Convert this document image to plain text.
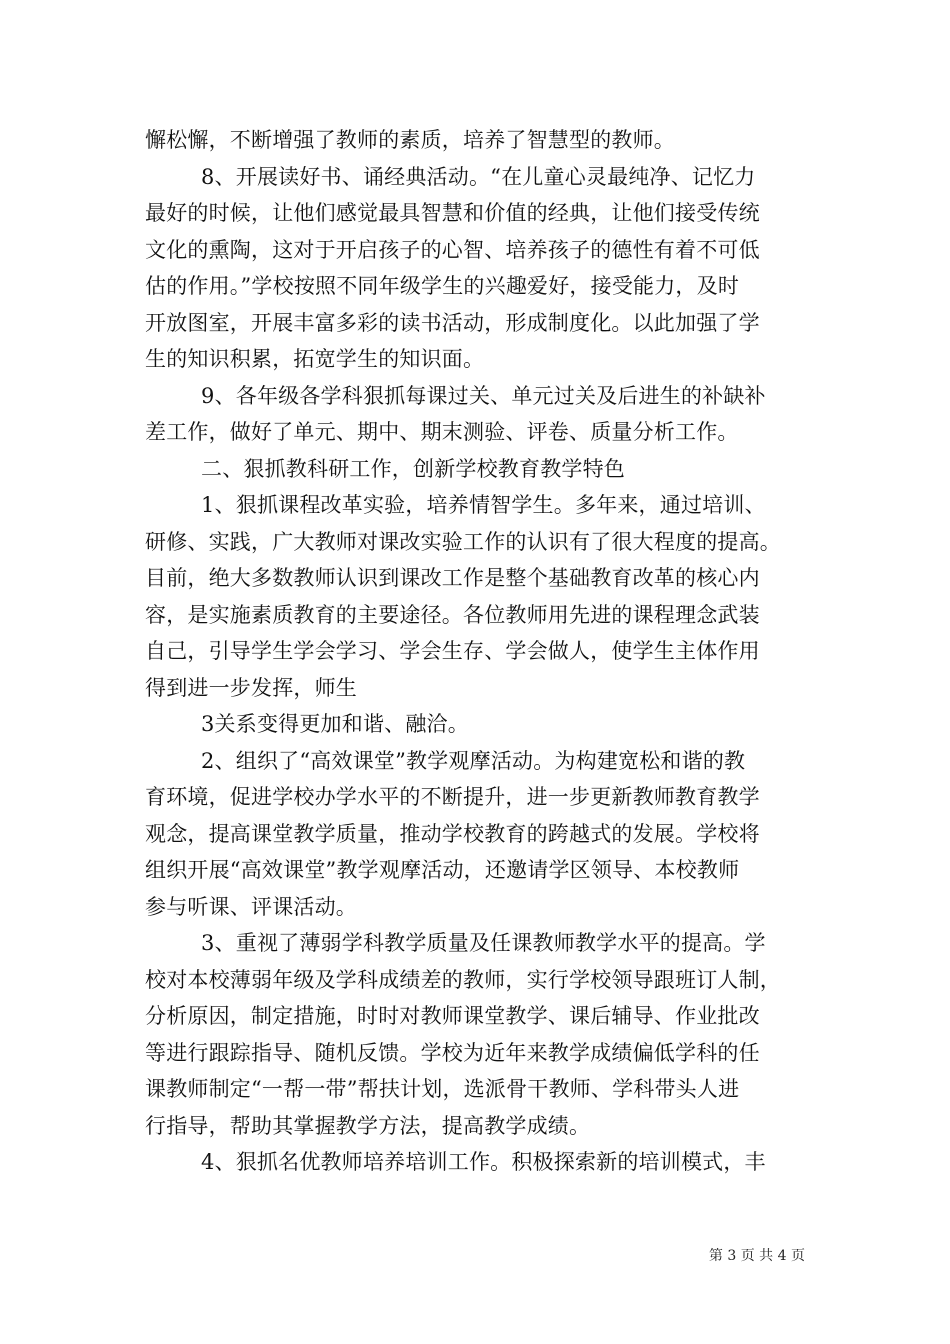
懈松懈，不断增强了教师的素质，培养了智慧型的教师。
8、开展读好书、诵经典活动。“在儿童心灵最纯净、记忆力
最好的时候，让他们感觉最具智慧和价值的经典，让他们接受传统
文化的熏陶，这对于开启孩子的心智、培养孩子的德性有着不可低
估的作用。”学校按照不同年级学生的兴趣爱好，接受能力，及时
开放图室，开展丰富多彩的读书活动，形成制度化。以此加强了学
生的知识积累，拓宽学生的知识面。
9、各年级各学科狠抓每课过关、单元过关及后进生的补缺补
差工作，做好了单元、期中、期末测验、评卷、质量分析工作。
二、狠抓教科研工作，创新学校教育教学特色
1、狠抓课程改革实验，培养情智学生。多年来，通过培训、
研修、实践，广大教师对课改实验工作的认识有了很大程度的提高。
目前，绝大多数教师认识到课改工作是整个基础教育改革的核心内
容，是实施素质教育的主要途径。各位教师用先进的课程理念武装
自己，引导学生学会学习、学会生存、学会做人，使学生主体作用
得到进一步发挥，师生
3关系变得更加和谐、融洽。
2、组织了“高效课堂”教学观摩活动。为构建宽松和谐的教
育环境，促进学校办学水平的不断提升，进一步更新教师教育教学
观念，提高课堂教学质量，推动学校教育的跨越式的发展。学校将
组织开展“高效课堂”教学观摩活动，还邀请学区领导、本校教师
参与听课、评课活动。
3、重视了薄弱学科教学质量及任课教师教学水平的提高。学
校对本校薄弱年级及学科成绩差的教师，实行学校领导跟班订人制，
分析原因，制定措施，时时对教师课堂教学、课后辅导、作业批改
等进行跟踪指导、随机反馈。学校为近年来教学成绩偏低学科的任
课教师制定“一帮一带”帮扶计划，选派骨干教师、学科带头人进
行指导，帮助其掌握教学方法，提高教学成绩。
4、狠抓名优教师培养培训工作。积极探索新的培训模式，丰
第 3 页 共 4 页
